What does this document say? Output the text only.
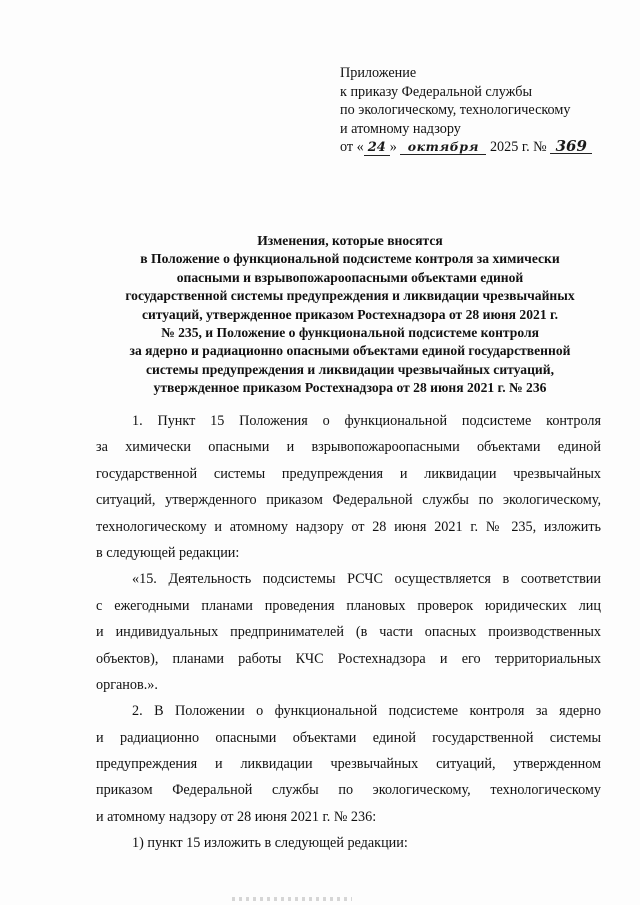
Приложение
к приказу Федеральной службы
по экологическому, технологическому
и атомному надзору
от « 24 » октября 2025 г. № 369
Изменения, которые вносятся
в Положение о функциональной подсистеме контроля за химически
опасными и взрывопожароопасными объектами единой
государственной системы предупреждения и ликвидации чрезвычайных
ситуаций, утвержденное приказом Ростехнадзора от 28 июня 2021 г.
№ 235, и Положение о функциональной подсистеме контроля
за ядерно и радиационно опасными объектами единой государственной
системы предупреждения и ликвидации чрезвычайных ситуаций,
утвержденное приказом Ростехнадзора от 28 июня 2021 г. № 236
1. Пункт 15 Положения о функциональной подсистеме контроля
за химически опасными и взрывопожароопасными объектами единой
государственной системы предупреждения и ликвидации чрезвычайных
ситуаций, утвержденного приказом Федеральной службы по экологическому,
технологическому и атомному надзору от 28 июня 2021 г. № 235, изложить
в следующей редакции:
«15. Деятельность подсистемы РСЧС осуществляется в соответствии
с ежегодными планами проведения плановых проверок юридических лиц
и индивидуальных предпринимателей (в части опасных производственных
объектов), планами работы КЧС Ростехнадзора и его территориальных
органов.».
2. В Положении о функциональной подсистеме контроля за ядерно
и радиационно опасными объектами единой государственной системы
предупреждения и ликвидации чрезвычайных ситуаций, утвержденном
приказом Федеральной службы по экологическому, технологическому
и атомному надзору от 28 июня 2021 г. № 236:
1) пункт 15 изложить в следующей редакции:
